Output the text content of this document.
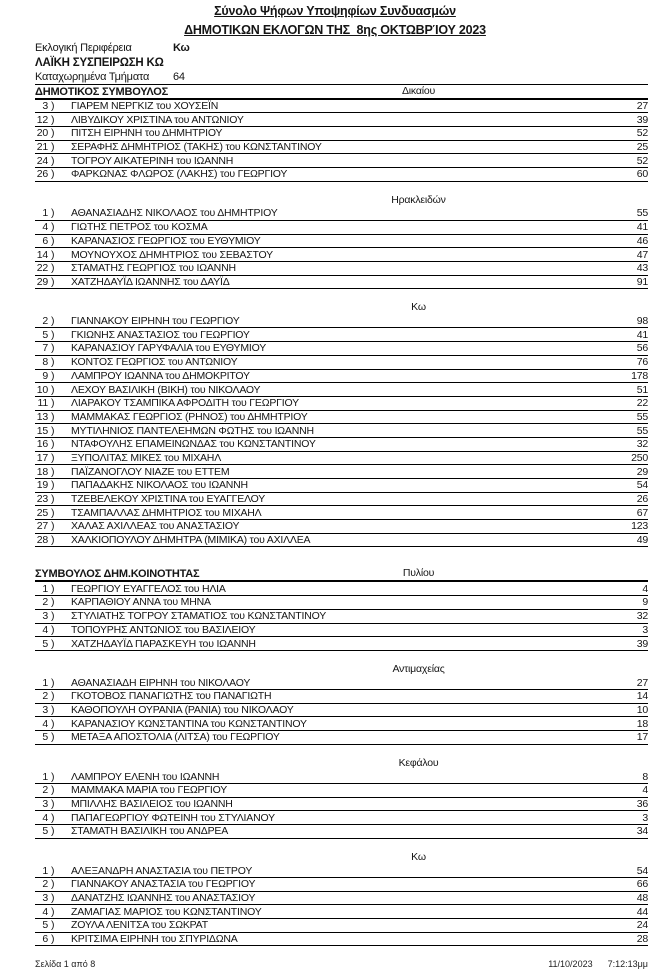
Σύνολο Ψήφων Υποψηφίων Συνδυασμών
ΔΗΜΟΤΙΚΩΝ ΕΚΛΟΓΩΝ ΤΗΣ  8ης ΟΚΤΩΒΡΊΟΥ 2023
Εκλογική Περιφέρεια	Κω
ΛΑΪΚΗ ΣΥΣΠΕΙΡΩΣΗ ΚΩ
Καταχωρημένα Τμήματα	64
ΔΗΜΟΤΙΚΟΣ ΣΥΜΒΟΥΛΟΣ	Δικαίου
3 )	ΓΙΑΡΕΜ ΝΕΡΓΚΙΖ του ΧΟΥΣΕΪΝ	27
12 )	ΛΙΒΥΔΙΚΟΥ ΧΡΙΣΤΙΝΑ του ΑΝΤΩΝΙΟΥ	39
20 )	ΠΙΤΣΗ ΕΙΡΗΝΗ του ΔΗΜΗΤΡΙΟΥ	52
21 )	ΣΕΡΑΦΗΣ ΔΗΜΗΤΡΙΟΣ (ΤΑΚΗΣ) του ΚΩΝΣΤΑΝΤΙΝΟΥ	25
24 )	ΤΟΓΡΟΥ ΑΙΚΑΤΕΡΙΝΗ του ΙΩΑΝΝΗ	52
26 )	ΦΑΡΚΩΝΑΣ ΦΛΩΡΟΣ (ΛΑΚΗΣ) του ΓΕΩΡΓΙΟΥ	60
Ηρακλειδών
1 )	ΑΘΑΝΑΣΙΑΔΗΣ ΝΙΚΟΛΑΟΣ του ΔΗΜΗΤΡΙΟΥ	55
4 )	ΓΙΩΤΗΣ ΠΕΤΡΟΣ του ΚΟΣΜΑ	41
6 )	ΚΑΡΑΝΑΣΙΟΣ ΓΕΩΡΓΙΟΣ του ΕΥΘΥΜΙΟΥ	46
14 )	ΜΟΥΝΟΥΧΟΣ ΔΗΜΗΤΡΙΟΣ του ΣΕΒΑΣΤΟΥ	47
22 )	ΣΤΑΜΑΤΗΣ ΓΕΩΡΓΙΟΣ του ΙΩΑΝΝΗ	43
29 )	ΧΑΤΖΗΔΑΥΪΔ ΙΩΑΝΝΗΣ του ΔΑΥΪΔ	91
Κω
2 )	ΓΙΑΝΝΑΚΟΥ ΕΙΡΗΝΗ του ΓΕΩΡΓΙΟΥ	98
5 )	ΓΚΙΩΝΗΣ ΑΝΑΣΤΑΣΙΟΣ του ΓΕΩΡΓΙΟΥ	41
7 )	ΚΑΡΑΝΑΣΙΟΥ ΓΑΡΥΦΑΛΙΑ του ΕΥΘΥΜΙΟΥ	56
8 )	ΚΟΝΤΟΣ ΓΕΩΡΓΙΟΣ του ΑΝΤΩΝΙΟΥ	76
9 )	ΛΑΜΠΡΟΥ ΙΩΑΝΝΑ του ΔΗΜΟΚΡΙΤΟΥ	178
10 )	ΛΕΧΟΥ ΒΑΣΙΛΙΚΗ (ΒΙΚΗ) του ΝΙΚΟΛΑΟΥ	51
11 )	ΛΙΑΡΑΚΟΥ ΤΣΑΜΠΙΚΑ ΑΦΡΟΔΙΤΗ του ΓΕΩΡΓΙΟΥ	22
13 )	ΜΑΜΜΑΚΑΣ ΓΕΩΡΓΙΟΣ (ΡΗΝΟΣ) του ΔΗΜΗΤΡΙΟΥ	55
15 )	ΜΥΤΙΛΗΝΙΟΣ ΠΑΝΤΕΛΕΗΜΩΝ ΦΩΤΗΣ του ΙΩΑΝΝΗ	55
16 )	ΝΤΑΦΟΥΛΗΣ ΕΠΑΜΕΙΝΩΝΔΑΣ του ΚΩΝΣΤΑΝΤΙΝΟΥ	32
17 )	ΞΥΠΟΛΙΤΑΣ ΜΙΚΕΣ του ΜΙΧΑΗΛ	250
18 )	ΠΑΪΖΑΝΟΓΛΟΥ ΝΙΑΖΕ του ΕΤΤΕΜ	29
19 )	ΠΑΠΑΔΑΚΗΣ ΝΙΚΟΛΑΟΣ του ΙΩΑΝΝΗ	54
23 )	ΤΖΕΒΕΛΕΚΟΥ ΧΡΙΣΤΙΝΑ του ΕΥΑΓΓΕΛΟΥ	26
25 )	ΤΣΑΜΠΑΛΛΑΣ ΔΗΜΗΤΡΙΟΣ του ΜΙΧΑΗΛ	67
27 )	ΧΑΛΑΣ ΑΧΙΛΛΕΑΣ του ΑΝΑΣΤΑΣΙΟΥ	123
28 )	ΧΑΛΚΙΟΠΟΥΛΟΥ ΔΗΜΗΤΡΑ (ΜΙΜΙΚΑ) του ΑΧΙΛΛΕΑ	49
ΣΥΜΒΟΥΛΟΣ ΔΗΜ.ΚΟΙΝΟΤΗΤΑΣ	Πυλίου
1 )	ΓΕΩΡΓΙΟΥ ΕΥΑΓΓΕΛΟΣ του ΗΛΙΑ	4
2 )	ΚΑΡΠΑΘΙΟΥ ΑΝΝΑ του ΜΗΝΑ	9
3 )	ΣΤΥΛΙΑΤΗΣ ΤΟΓΡΟΥ ΣΤΑΜΑΤΙΟΣ του ΚΩΝΣΤΑΝΤΙΝΟΥ	32
4 )	ΤΟΠΟΥΡΗΣ ΑΝΤΩΝΙΟΣ του ΒΑΣΙΛΕΙΟΥ	3
5 )	ΧΑΤΖΗΔΑΥΪΔ ΠΑΡΑΣΚΕΥΗ του ΙΩΑΝΝΗ	39
Αντιμαχείας
1 )	ΑΘΑΝΑΣΙΑΔΗ ΕΙΡΗΝΗ του ΝΙΚΟΛΑΟΥ	27
2 )	ΓΚΟΤΟΒΟΣ ΠΑΝΑΓΙΩΤΗΣ του ΠΑΝΑΓΙΩΤΗ	14
3 )	ΚΑΘΟΠΟΥΛΗ ΟΥΡΑΝΙΑ (ΡΑΝΙΑ) του ΝΙΚΟΛΑΟΥ	10
4 )	ΚΑΡΑΝΑΣΙΟΥ ΚΩΝΣΤΑΝΤΙΝΑ του ΚΩΝΣΤΑΝΤΙΝΟΥ	18
5 )	ΜΕΤΑΞΑ ΑΠΟΣΤΟΛΙΑ (ΛΙΤΣΑ) του ΓΕΩΡΓΙΟΥ	17
Κεφάλου
1 )	ΛΑΜΠΡΟΥ ΕΛΕΝΗ του ΙΩΑΝΝΗ	8
2 )	ΜΑΜΜΑΚΑ ΜΑΡΙΑ του ΓΕΩΡΓΙΟΥ	4
3 )	ΜΠΙΛΛΗΣ ΒΑΣΙΛΕΙΟΣ του ΙΩΑΝΝΗ	36
4 )	ΠΑΠΑΓΕΩΡΓΙΟΥ ΦΩΤΕΙΝΗ του ΣΤΥΛΙΑΝΟΥ	3
5 )	ΣΤΑΜΑΤΗ ΒΑΣΙΛΙΚΗ του ΑΝΔΡΕΑ	34
Κω
1 )	ΑΛΕΞΑΝΔΡΗ ΑΝΑΣΤΑΣΙΑ του ΠΕΤΡΟΥ	54
2 )	ΓΙΑΝΝΑΚΟΥ ΑΝΑΣΤΑΣΙΑ του ΓΕΩΡΓΙΟΥ	66
3 )	ΔΑΝΑΤΖΗΣ ΙΩΑΝΝΗΣ του ΑΝΑΣΤΑΣΙΟΥ	48
4 )	ΖΑΜΑΓΙΑΣ ΜΑΡΙΟΣ του ΚΩΝΣΤΑΝΤΙΝΟΥ	44
5 )	ΖΟΥΛΑ ΛΕΝΙΤΣΑ του ΣΩΚΡΑΤ	24
6 )	ΚΡΙΤΣΙΜΑ ΕΙΡΗΝΗ του ΣΠΥΡΙΔΩΝΑ	28
Σελίδα 1 από 8	11/10/2023 7:12:13μμ
